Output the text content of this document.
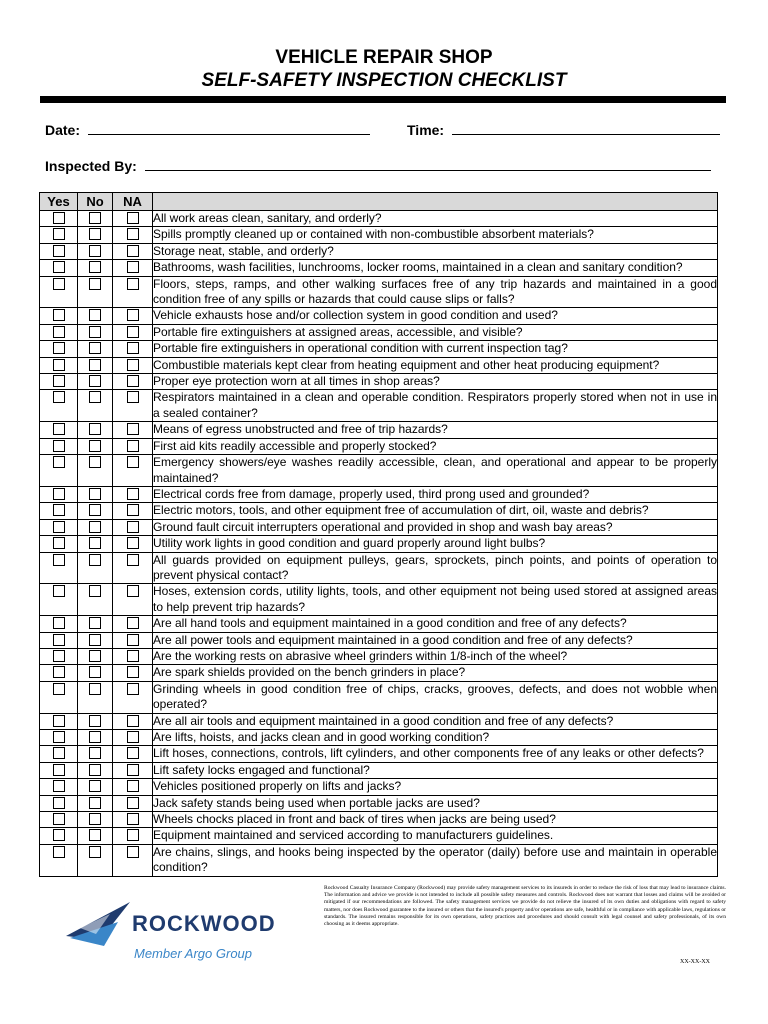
VEHICLE REPAIR SHOP
SELF-SAFETY INSPECTION CHECKLIST
Date:	Time:
Inspected By:
Yes	No	NA	
			All work areas clean, sanitary, and orderly?
			Spills promptly cleaned up or contained with non-combustible absorbent materials?
			Storage neat, stable, and orderly?
			Bathrooms, wash facilities, lunchrooms, locker rooms, maintained in a clean and sanitary condition?
			Floors, steps, ramps, and other walking surfaces free of any trip hazards and maintained in a good condition free of any spills or hazards that could cause slips or falls?
			Vehicle exhausts hose and/or collection system in good condition and used?
			Portable fire extinguishers at assigned areas, accessible, and visible?
			Portable fire extinguishers in operational condition with current inspection tag?
			Combustible materials kept clear from heating equipment and other heat producing equipment?
			Proper eye protection worn at all times in shop areas?
			Respirators maintained in a clean and operable condition. Respirators properly stored when not in use in a sealed container?
			Means of egress unobstructed and free of trip hazards?
			First aid kits readily accessible and properly stocked?
			Emergency showers/eye washes readily accessible, clean, and operational and appear to be properly maintained?
			Electrical cords free from damage, properly used, third prong used and grounded?
			Electric motors, tools, and other equipment free of accumulation of dirt, oil, waste and debris?
			Ground fault circuit interrupters operational and provided in shop and wash bay areas?
			Utility work lights in good condition and guard properly around light bulbs?
			All guards provided on equipment pulleys, gears, sprockets, pinch points, and points of operation to prevent physical contact?
			Hoses, extension cords, utility lights, tools, and other equipment not being used stored at assigned areas to help prevent trip hazards?
			Are all hand tools and equipment maintained in a good condition and free of any defects?
			Are all power tools and equipment maintained in a good condition and free of any defects?
			Are the working rests on abrasive wheel grinders within 1/8-inch of the wheel?
			Are spark shields provided on the bench grinders in place?
			Grinding wheels in good condition free of chips, cracks, grooves, defects, and does not wobble when operated?
			Are all air tools and equipment maintained in a good condition and free of any defects?
			Are lifts, hoists, and jacks clean and in good working condition?
			Lift hoses, connections, controls, lift cylinders, and other components free of any leaks or other defects?
			Lift safety locks engaged and functional?
			Vehicles positioned properly on lifts and jacks?
			Jack safety stands being used when portable jacks are used?
			Wheels chocks placed in front and back of tires when jacks are being used?
			Equipment maintained and serviced according to manufacturers guidelines.
			Are chains, slings, and hooks being inspected by the operator (daily) before use and maintain in operable condition?
ROCKWOOD
Member Argo Group
Rockwood Casualty Insurance Company (Rockwood) may provide safety management services to its insureds in order to reduce the risk of loss that may lead to insurance claims. The information and advice we provide is not intended to include all possible safety measures and controls. Rockwood does not warrant that losses and claims will be avoided or mitigated if our recommendations are followed. The safety management services we provide do not relieve the insured of its own duties and obligations with regard to safety matters, nor does Rockwood guarantee to the insured or others that the insured's property and/or operations are safe, healthful or in compliance with applicable laws, regulations or standards. The insured remains responsible for its own operations, safety practices and procedures and should consult with legal counsel and safety professionals, of its own choosing as it deems appropriate.
XX-XX-XX
